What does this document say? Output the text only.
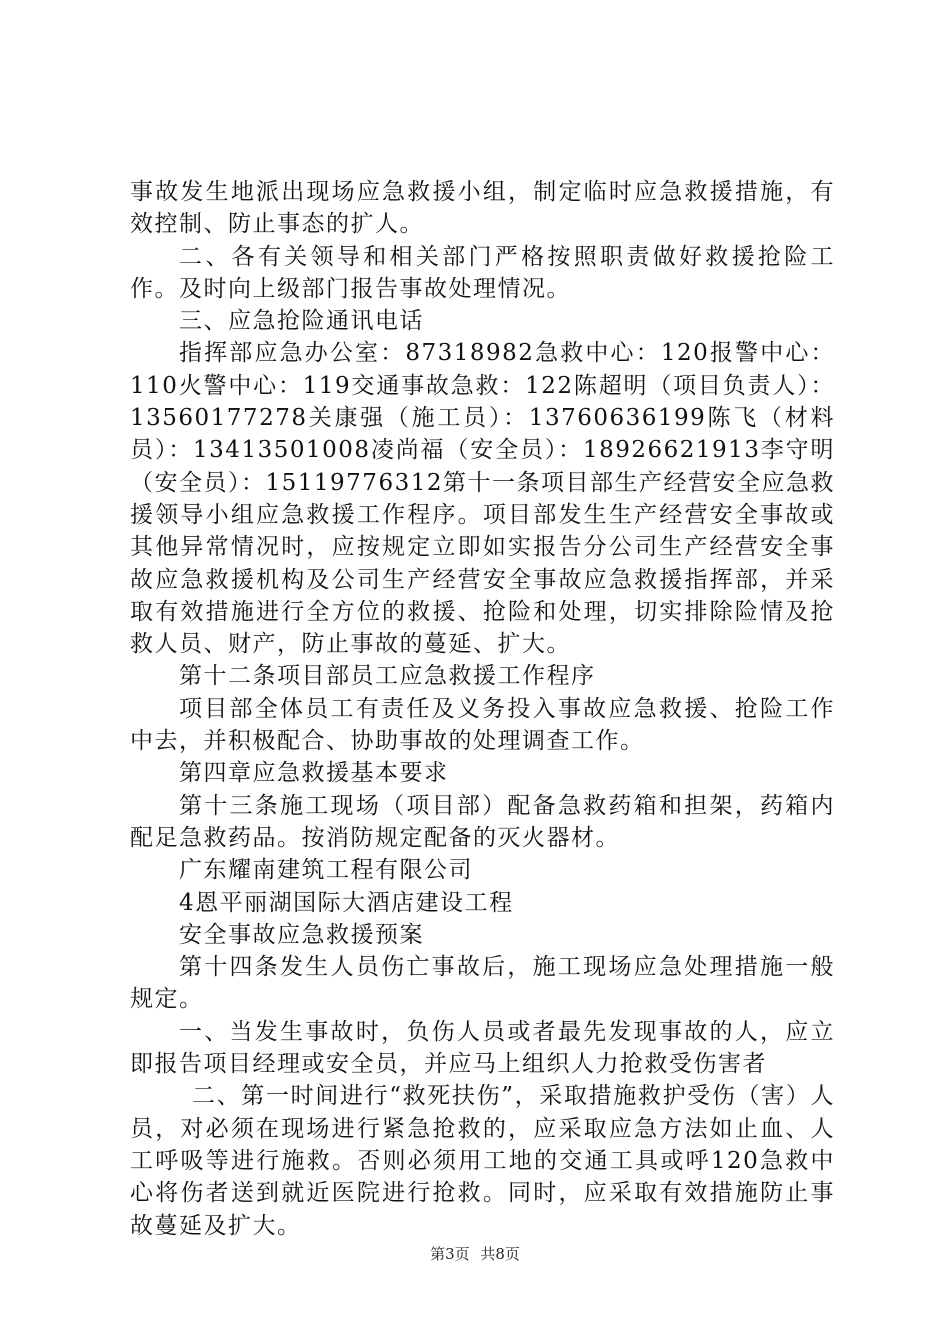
事故发生地派出现场应急救援小组，制定临时应急救援措施，有效控制、防止事态的扩人。

二、各有关领导和相关部门严格按照职责做好救援抢险工作。及时向上级部门报告事故处理情况。

三、应急抢险通讯电话

指挥部应急办公室：87318982急救中心：120报警中心：110火警中心：119交通事故急救：122陈超明（项目负责人）：13560177278关康强（施工员）：13760636199陈飞（材料员）：13413501008凌尚福（安全员）：18926621913李守明（安全员）：15119776312第十一条项目部生产经营安全应急救援领导小组应急救援工作程序。项目部发生生产经营安全事故或其他异常情况时，应按规定立即如实报告分公司生产经营安全事故应急救援机构及公司生产经营安全事故应急救援指挥部，并采取有效措施进行全方位的救援、抢险和处理，切实排除险情及抢救人员、财产，防止事故的蔓延、扩大。

第十二条项目部员工应急救援工作程序

项目部全体员工有责任及义务投入事故应急救援、抢险工作中去，并积极配合、协助事故的处理调查工作。

第四章应急救援基本要求

第十三条施工现场（项目部）配备急救药箱和担架，药箱内配足急救药品。按消防规定配备的灭火器材。

广东耀南建筑工程有限公司

4恩平丽湖国际大酒店建设工程

安全事故应急救援预案

第十四条发生人员伤亡事故后，施工现场应急处理措施一般规定。

一、当发生事故时，负伤人员或者最先发现事故的人，应立即报告项目经理或安全员，并应马上组织人力抢救受伤害者

二、第一时间进行“救死扶伤”，采取措施救护受伤（害）人员，对必须在现场进行紧急抢救的，应采取应急方法如止血、人工呼吸等进行施救。否则必须用工地的交通工具或呼120急救中心将伤者送到就近医院进行抢救。同时，应采取有效措施防止事故蔓延及扩大。

第3页 共8页
